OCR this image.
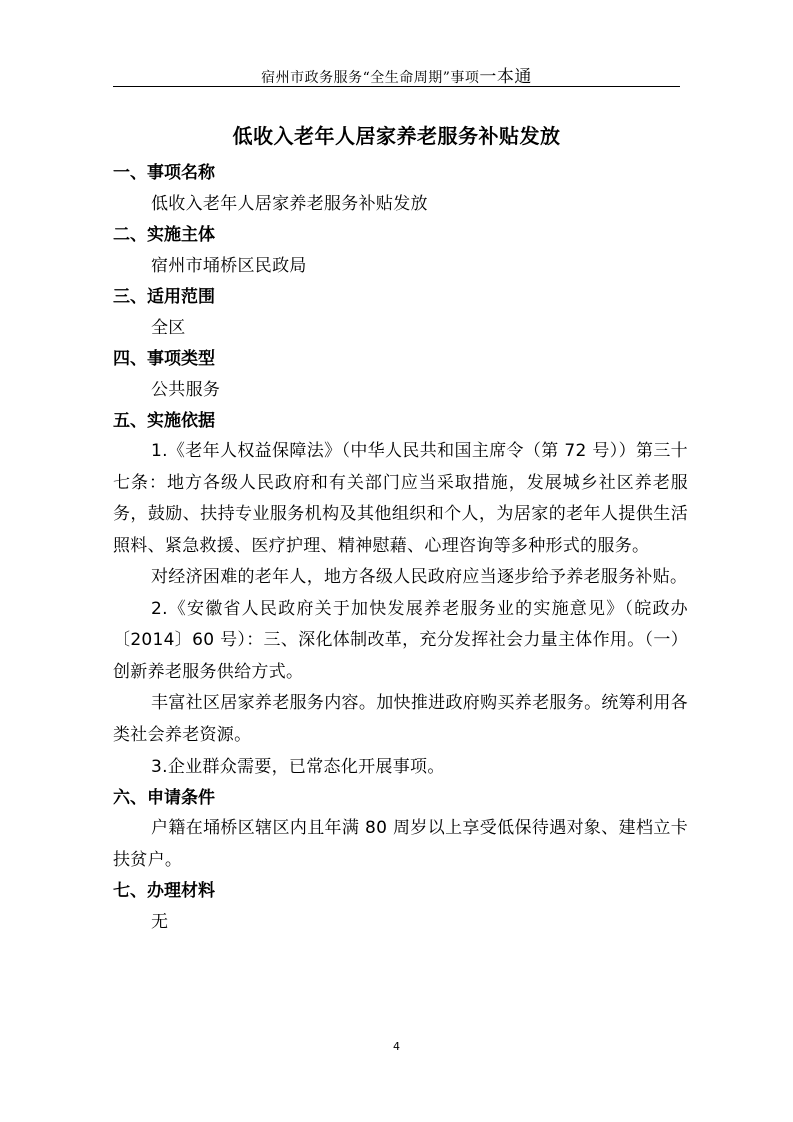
宿州市政务服务“全生命周期”事项一本通
低收入老年人居家养老服务补贴发放
一、事项名称
低收入老年人居家养老服务补贴发放
二、实施主体
宿州市埇桥区民政局
三、适用范围
全区
四、事项类型
公共服务
五、实施依据
1.《老年人权益保障法》（中华人民共和国主席令（第 72 号））第三十七条：地方各级人民政府和有关部门应当采取措施，发展城乡社区养老服务，鼓励、扶持专业服务机构及其他组织和个人，为居家的老年人提供生活照料、紧急救援、医疗护理、精神慰藉、心理咨询等多种形式的服务。
对经济困难的老年人，地方各级人民政府应当逐步给予养老服务补贴。
2.《安徽省人民政府关于加快发展养老服务业的实施意见》（皖政办〔2014〕60 号）：三、深化体制改革，充分发挥社会力量主体作用。（一）创新养老服务供给方式。
丰富社区居家养老服务内容。加快推进政府购买养老服务。统筹利用各类社会养老资源。
3.企业群众需要，已常态化开展事项。
六、申请条件
户籍在埇桥区辖区内且年满 80 周岁以上享受低保待遇对象、建档立卡扶贫户。
七、办理材料
无
4
